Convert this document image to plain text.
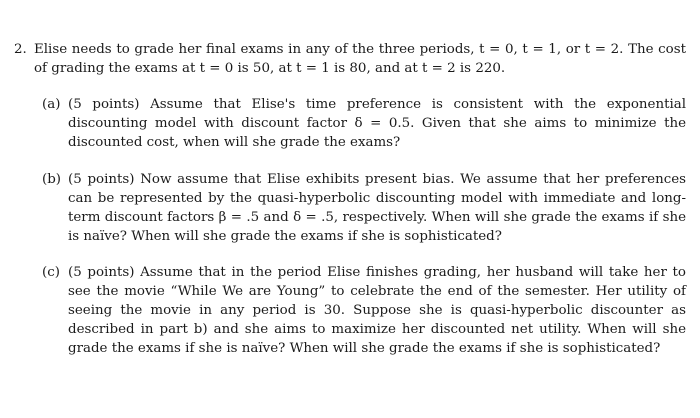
2. Elise needs to grade her final exams in any of the three periods, t = 0, t = 1, or t = 2. The cost of grading the exams at t = 0 is 50, at t = 1 is 80, and at t = 2 is 220.
(a) (5 points) Assume that Elise's time preference is consistent with the exponential discounting model with discount factor δ = 0.5. Given that she aims to minimize the discounted cost, when will she grade the exams?
(b) (5 points) Now assume that Elise exhibits present bias. We assume that her preferences can be represented by the quasi-hyperbolic discounting model with immediate and long-term discount factors β = .5 and δ = .5, respectively. When will she grade the exams if she is naïve? When will she grade the exams if she is sophisticated?
(c) (5 points) Assume that in the period Elise finishes grading, her husband will take her to see the movie “While We are Young” to celebrate the end of the semester. Her utility of seeing the movie in any period is 30. Suppose she is quasi-hyperbolic discounter as described in part b) and she aims to maximize her discounted net utility. When will she grade the exams if she is naïve? When will she grade the exams if she is sophisticated?
